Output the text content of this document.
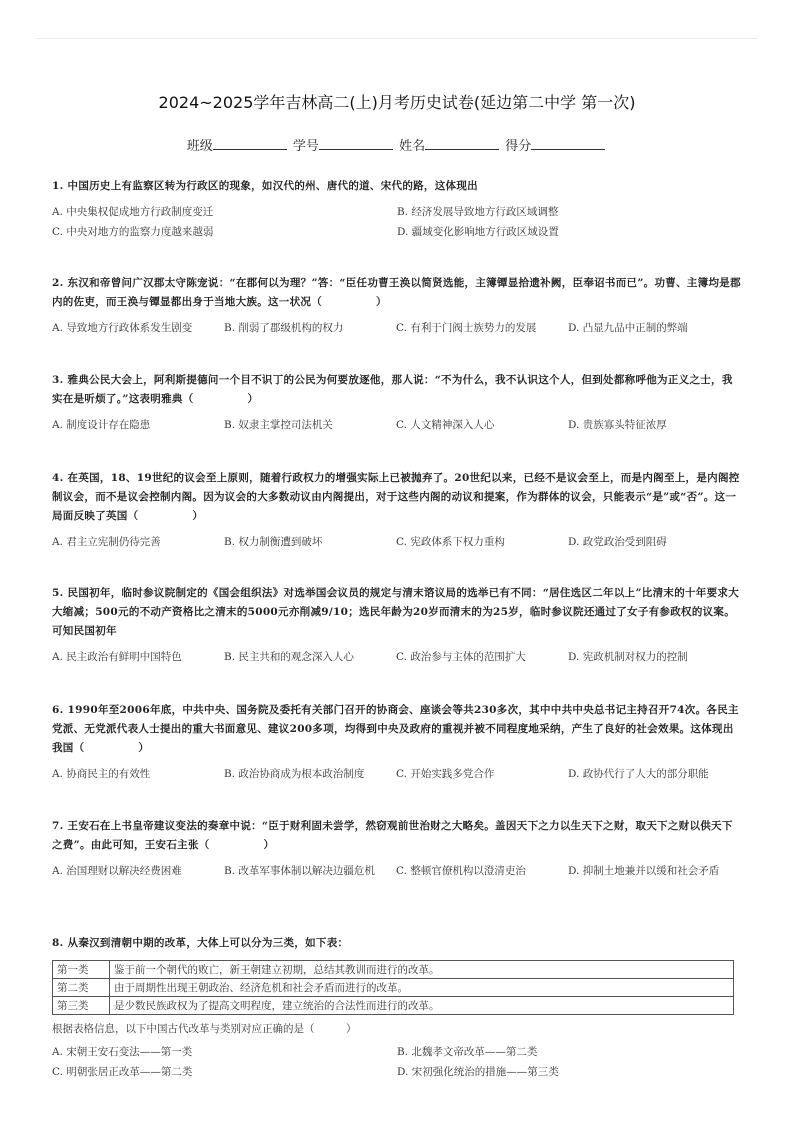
2024~2025学年吉林高二(上)月考历史试卷(延边第二中学 第一次)
班级	学号	姓名	得分
1. 中国历史上有监察区转为行政区的现象，如汉代的州、唐代的道、宋代的路，这体现出
A. 中央集权促成地方行政制度变迁	B. 经济发展导致地方行政区域调整
C. 中央对地方的监察力度越来越弱	D. 疆域变化影响地方行政区域设置
2. 东汉和帝曾问广汉郡太守陈宠说：“在郡何以为理？”答：“臣任功曹王涣以简贤选能，主簿镡显拾遗补阙，臣奉诏书而已”。功曹、主簿均是郡内的佐吏，而王涣与镡显都出身于当地大族。这一状况（　　　　　）
A. 导致地方行政体系发生剧变	B. 削弱了郡级机构的权力	C. 有利于门阀士族势力的发展	D. 凸显九品中正制的弊端
3. 雅典公民大会上，阿利斯提德问一个目不识丁的公民为何要放逐他，那人说：“不为什么，我不认识这个人，但到处都称呼他为正义之士，我实在是听烦了。”这表明雅典（　　　　　）
A. 制度设计存在隐患	B. 奴隶主掌控司法机关	C. 人文精神深入人心	D. 贵族寡头特征浓厚
4. 在英国，18、19世纪的议会至上原则，随着行政权力的增强实际上已被抛弃了。20世纪以来，已经不是议会至上，而是内阁至上，是内阁控制议会，而不是议会控制内阁。因为议会的大多数动议由内阁提出，对于这些内阁的动议和提案，作为群体的议会，只能表示“是”或“否”。这一局面反映了英国（　　　　　）
A. 君主立宪制仍待完善	B. 权力制衡遭到破坏	C. 宪政体系下权力重构	D. 政党政治受到阻碍
5. 民国初年，临时参议院制定的《国会组织法》对选举国会议员的规定与清末谘议局的选举已有不同：“居住选区二年以上”比清末的十年要求大大缩减；500元的不动产资格比之清末的5000元亦削减9/10；选民年龄为20岁而清末的为25岁，临时参议院还通过了女子有参政权的议案。可知民国初年
A. 民主政治有鲜明中国特色	B. 民主共和的观念深入人心	C. 政治参与主体的范围扩大	D. 宪政机制对权力的控制
6. 1990年至2006年底，中共中央、国务院及委托有关部门召开的协商会、座谈会等共230多次，其中中共中央总书记主持召开74次。各民主党派、无党派代表人士提出的重大书面意见、建议200多项，均得到中央及政府的重视并被不同程度地采纳，产生了良好的社会效果。这体现出我国（　　　　　）
A. 协商民主的有效性	B. 政治协商成为根本政治制度	C. 开始实践多党合作	D. 政协代行了人大的部分职能
7. 王安石在上书皇帝建议变法的奏章中说：“臣于财利固未尝学，然窃观前世治财之大略矣。盖因天下之力以生天下之财，取天下之财以供天下之费”。由此可知，王安石主张（　　　　　）
A. 治国理财以解决经费困难	B. 改革军事体制以解决边疆危机	C. 整顿官僚机构以澄清吏治	D. 抑制土地兼并以缓和社会矛盾
8. 从秦汉到清朝中期的改革，大体上可以分为三类，如下表：
第一类	鉴于前一个朝代的败亡，新王朝建立初期，总结其教训而进行的改革。
第二类	由于周期性出现王朝政治、经济危机和社会矛盾而进行的改革。
第三类	是少数民族政权为了提高文明程度，建立统治的合法性而进行的改革。
根据表格信息，以下中国古代改革与类别对应正确的是（　　　）
A. 宋朝王安石变法——第一类	B. 北魏孝文帝改革——第二类
C. 明朝张居正改革——第二类	D. 宋初强化统治的措施——第三类
